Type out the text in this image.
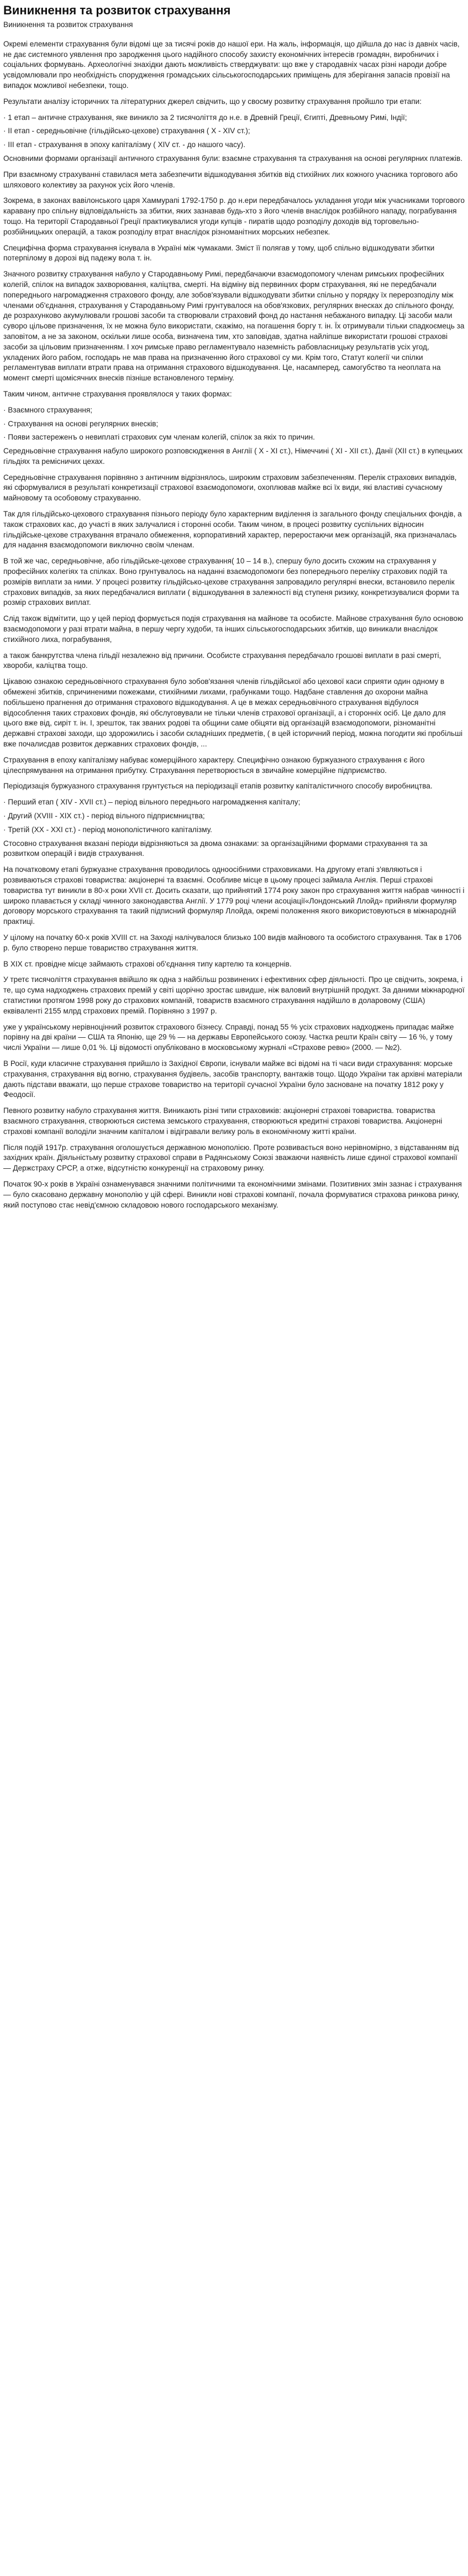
Виникнення та розвиток страхування
Виникнення та розвиток страхування

Окремі елементи страхування були відомі ще за тисячі років до нашої ери. На жаль, інформація, що дійшла до нас із давніх часів, не дає системного уявлення про зародження цього надійного способу захисту економічних інтересів громадян, виробничих і соціальних формувань. Археологічні знахідки дають можливість стверджувати: що вже у стародавніх часах різні народи добре усвідомлювали про необхідність спорудження громадських сільськогосподарських приміщень для зберігання запасів провізії на випадок можливої небезпеки, тощо.

Результати аналізу історичних та літературних джерел свідчить, що у свосму розвитку страхування пройшло три етапи:

· 1 етап – античне страхування, яке виникло за 2 тисячоліття до н.е. в Древній Греції, Єгипті, Древньому Римі, Індії;

· ІІ етап - середньовічне (гільдійсько-цехове) страхування ( Х - XIV ст.);

· ІІІ етап - страхування в эпоху капіталізму ( XIV ст. - до нашого часу).

Основними формами організації античного страхування були: взаємне страхування та страхування на основі регулярних платежів.

При взаємному страхуванні ставилася мета забезпечити відшкодування збитків від стихійних лих кожного учасника торгового або шляхового колективу за рахунок усіх його членів.

Зокрема, в законах вавілонського царя Хаммурапі 1792-1750 р. до н.ери передбачалось укладання угоди між учасниками торгового каравану про спільну відповідальність за збитки, яких зазнавав будь-хто з його членів внаслідок розбійного нападу, пограбування тощо. На території Стародавньої Греції практикувалися угоди купців - пиратів щодо розподілу доходів від торговельно-розбійницьких операцій, а також розподілу втрат внаслідок різноманітних морських небезпек.

Специфічна форма страхування існувала в Україні між чумаками. Зміст її полягав у тому, щоб спільно відшкодувати збитки потерпілому в дорозі від падежу вола т. ін.

Значного розвитку страхування набуло у Стародавньому Римі, передбачаючи взаємодопомогу членам римських професійних колегій, спілок на випадок захворювання, каліцтва, смерті. На відміну від первинних форм страхування, які не передбачали попереднього нагромадження страхового фонду, але зобов'язували відшкодувати збитки спільно у порядку їх перерозподілу між членами об'єднання, страхування у Стародавньому Римі грунтувалося на обов'язкових, регулярних внесках до спільного фонду, де розрахунково акумулювали грошові засоби та створювали страховий фонд до настання небажаного випадку. Ці засоби мали суворо цільове призначення, їх не можна було використати, скажімо, на погашення боргу т. ін. Їх отримували тільки спадкоємець за заповітом, а не за законом, оскільки лише особа, визначена тим, хто заповідав, здатна найліпше використати грошові страхові засоби за цільовим призначенням. І хоч римське право регламентувало наземність рабовласницьку результатів усіх угод, укладених його рабом, господарь не мав права на призначенню його страхової су ми. Крім того, Статут колегії чи спілки регламентував виплати втрати права на отримання страхового відшкодування. Це, насамперед, самогубство та неоплата на момент смерті щомісячних внесків пізніше встановленого терміну.

Таким чином, античне страхування проявлялося у таких формах:

· Взаємного страхування;

· Страхування на основі регулярних внесків;

· Появи застереженъ о невиплаті страхових сум членам колегій, спілок за якіх то причин.

Середньовічне страхування набуло широкого розповсюдження в Англії ( Х - XI ст.), Німеччині ( XI - XII ст.), Данії (XII ст.) в купецьких гільдіях та ремісничих цехах.

Середньовічне страхування порівняно з античним відрізнялось, широким страховим забезпеченням. Перелік страхових випадків, які сформувалися в результаті конкретизації страхової взаємодопомоги, охоплював майже всі їх види, які властиві сучасному майновому та особовому страхуванню.

Так для гільдійсько-цехового страхування пізнього періоду було характерним виділення із загального фонду спеціальних фондів, а також страхових кас, до участі в яких залучалися і сторонні особи. Таким чином, в процесі розвитку суспільних відносин гільдійське-цехове страхування втрачало обмеження, корпоративний характер, переростаючи меж організацій, яка призначалась для надання взаємодопомоги виключно своїм членам.

В той же час, середньовічне, або гільдійське-цехове страхування( 10 – 14 в.), спершу було досить схожим на страхування у професійних колегіях та спілках. Воно грунтувалось на наданні взаємодопомоги без попереднього переліку страхових подій та розмірів виплати за ними. У процесі розвитку гільдійсько-цехове страхування запровадило регулярні внески, встановило перелік страхових випадків, за яких передбачалися виплати ( відшкодування в залежності від ступеня ризику, конкретизувалися форми та розмір страхових виплат.

Слід також відмітити, що у цей період формується подія страхування на майнове та особисте. Майнове страхування було основою взаємодопомоги у разі втрати майна, в першу чергу худоби, та інших сільськогосподарських збитків, що виникали внаслідок стихійного лиха, пограбування,

а також банкрутства члена гільдії незалежно від причини. Особисте страхування передбачало грошові виплати в разі смерті, хвороби, каліцтва тощо.

Цікавою ознакою середньовічного страхування було зобов'язання членів гільдійської або цехової каси сприяти один одному в обмежені збитків, спричиненими пожежами, стихійними лихами, грабунками тощо. Надбане ставлення до охорони майна побільшено прагнення до отримання страхового відшкодування. А це в межах середньовічного страхування відбулося відособлення таких страхових фондів, які обслуговували не тільки членів страхової організації, а і сторонніх осіб. Це дало для цього вже від, сиріт т. ін. І, зрешток, так званих родові та общини саме обіцяти від організацій взаємодопомоги, різноманітні державні страхові заходи, що здорожились і засоби складніших предметів, ( в цей історичний період, можна погодити які пробільші вже почалисдав розвиток державних страхових фондів, ...

Страхування в епоху капіталізму набуває комерційного характеру. Специфічно ознакою буржуазного страхування є його цілеспрямування на отримання прибутку. Страхування перетворюється в звичайне комерційне підприємство.

Періодизація буржуазного страхування грунтується на періодизації етапів розвитку капіталістичного способу виробництва.

· Перший етап ( XIV - XVII ст.) – період вільного переднього нагромадження капіталу;

· Другий (XVIII - XIX ст.) - період вільного підприємництва;

· Третій (XX - XXI ст.) - період монополістичного капіталізму.

Стосовно страхування вказані періоди відрізняються за двома ознаками: за організаційними формами страхування та за розвитком операцій і видів страхування.

На початковому етапі буржуазне страхування проводилось одноосібними страховиками. На другому етапі з'являються і розвиваються страхові товариства: акціонерні та взаємні. Особливе місце в цьому процесі займала Англія. Перші страхові товариства тут виникли в 80-х роки XVII ст. Досить сказати, що прийнятий 1774 року закон про страхування життя набрав чинності і широко плавається у складі чинного законодавства Англії. У 1779 році члени асоціації«Лондонський Ллойд» прийняли формуляр договору морського страхування та такий підписний формуляр Ллойда, окремі положення якого використовуються в міжнародній практиці.

У цілому на початку 60-х років XVIII ст. на Заході налічувалося близько 100 видів майнового та особистого страхування. Так в 1706 р. було створено перше товариство страхування життя.

В XIX ст. провідне місце займають страхові об'єднання типу картелю та концернів.

У третє тисячоліття страхування ввійшло як одна з найбільш розвинених і ефективних сфер діяльності. Про це свідчить, зокрема, і те, що сума надходжень страхових премій у світі щорічно зростає швидше, ніж валовий внутрішній продукт. За даними міжнародної статистики протягом 1998 року до страхових компаній, товариств взаємного страхування надійшло в доларовому (США) еквіваленті 2155 млрд страхових премій. Порівняно з 1997 р.

уже у українському нерівноцінний розвиток страхового бізнесу. Справді, понад 55 % усіх страхових надходжень припадає майже порівну на дві країни — США та Японію, ще 29 % — на державы Европейського союзу. Частка решти Країн світу — 16 %, у тому числі України — лише 0,01 %. Ці відомості опубліковано в московському журналі «Страхове ревю» (2000. — №2).

В Росії, куди класичне страхування прийшло із Західної Європи, існували майже всі відомі на ті часи види страхування: морське страхування, страхування від вогню, страхування будівель, засобів транспорту, вантажів тощо. Щодо України так архівні матеріали дають підстави вважати, що перше страхове товариство на території сучасної України було засноване на початку 1812 року у Феодосії.

Певного розвитку набуло страхування життя. Виникають різні типи страховиків: акціонерні страхові товариства. товариства взаємного страхування, створюються система земського страхування, створюються кредитні страхові товариства. Акціонерні страхові компанії володіли значним капіталом і відігравали велику роль в економічному житті країни.

Після подій 1917р. страхування оголошується державною монополією. Проте розвивається воно нерівномірно, з відставанням від західних країн. Діяльністьму розвитку страхової справи в Радянському Союзі зважаючи наявність лише єдиної страхової компанії — Держстраху СРСР, а отже, відсутністю конкуренції на страховому ринку.

Початок 90-х років в Україні ознаменувався значними політичними та економічними змінами. Позитивних змін зазнає і страхування — було скасовано державну монополію у цій сфері. Виникли нові страхові компанії, почала формуватися страхова ринкова ринку, який поступово стає невід'ємною складовою нового господарського механізму.
